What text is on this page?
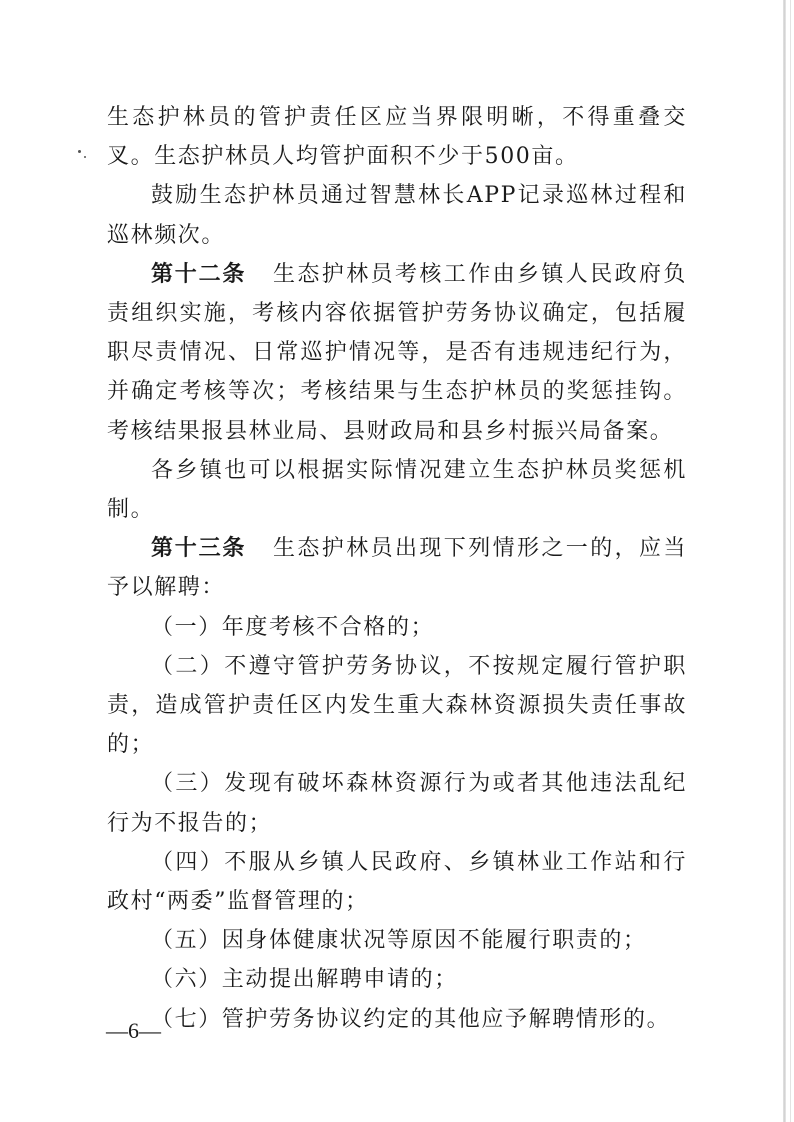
生态护林员的管护责任区应当界限明晰，不得重叠交叉。生态护林员人均管护面积不少于500亩。

鼓励生态护林员通过智慧林长APP记录巡林过程和巡林频次。

第十二条 生态护林员考核工作由乡镇人民政府负责组织实施，考核内容依据管护劳务协议确定，包括履职尽责情况、日常巡护情况等，是否有违规违纪行为，并确定考核等次；考核结果与生态护林员的奖惩挂钩。考核结果报县林业局、县财政局和县乡村振兴局备案。

各乡镇也可以根据实际情况建立生态护林员奖惩机制。

第十三条 生态护林员出现下列情形之一的，应当予以解聘：

（一）年度考核不合格的；

（二）不遵守管护劳务协议，不按规定履行管护职责，造成管护责任区内发生重大森林资源损失责任事故的；

（三）发现有破坏森林资源行为或者其他违法乱纪行为不报告的；

（四）不服从乡镇人民政府、乡镇林业工作站和行政村“两委”监督管理的；

（五）因身体健康状况等原因不能履行职责的；

（六）主动提出解聘申请的；

（七）管护劳务协议约定的其他应予解聘情形的。

—6—
